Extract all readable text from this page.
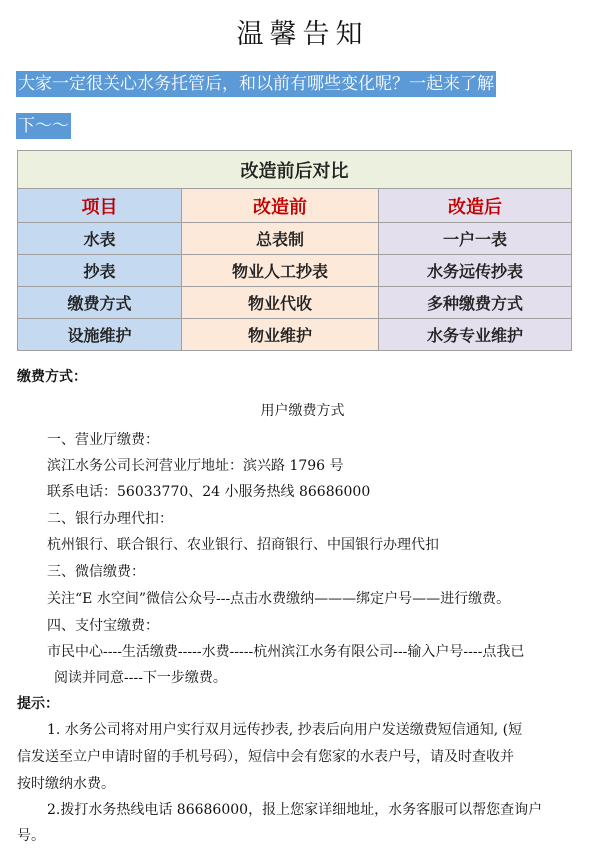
温馨告知
大家一定很关心水务托管后，和以前有哪些变化呢？一起来了解
下～～
改造前后对比		
项目	改造前	改造后
水表	总表制	一户一表
抄表	物业人工抄表	水务远传抄表
缴费方式	物业代收	多种缴费方式
设施维护	物业维护	水务专业维护
缴费方式：
用户缴费方式
一、营业厅缴费：
滨江水务公司长河营业厅地址：滨兴路 1796 号
联系电话：56033770、24 小服务热线 86686000
二、银行办理代扣：
杭州银行、联合银行、农业银行、招商银行、中国银行办理代扣
三、微信缴费：
关注“E 水空间”微信公众号---点击水费缴纳———绑定户号——进行缴费。
四、支付宝缴费：
市民中心----生活缴费-----水费-----杭州滨江水务有限公司---输入户号----点我已
阅读并同意----下一步缴费。
提示：
1. 水务公司将对用户实行双月远传抄表, 抄表后向用户发送缴费短信通知, (短
信发送至立户申请时留的手机号码），短信中会有您家的水表户号，请及时查收并
按时缴纳水费。
2.拨打水务热线电话 86686000，报上您家详细地址，水务客服可以帮您查询户
号。
